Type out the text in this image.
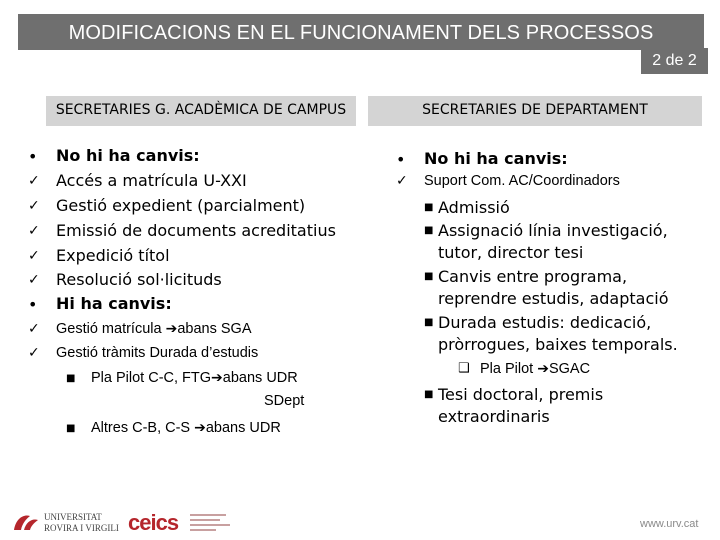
MODIFICACIONS EN EL FUNCIONAMENT DELS PROCESSOS
2 de 2
SECRETARIES G. ACADÈMICA DE CAMPUS	SECRETARIES DE DEPARTAMENT
• No hi ha canvis:
✓ Accés a matrícula U-XXI
✓ Gestió expedient (parcialment)
✓ Emissió de documents acreditatius
✓ Expedició títol
✓ Resolució sol·licituds
• Hi ha canvis:
✓ Gestió matrícula ➔abans SGA
✓ Gestió tràmits Durada d’estudis
■ Pla Pilot C-C, FTG➔abans UDR
SDept
■ Altres C-B, C-S ➔abans UDR
• No hi ha canvis:
✓ Suport Com. AC/Coordinadors
■ Admissió
■ Assignació línia investigació,
tutor, director tesi
■ Canvis entre programa,
reprendre estudis, adaptació
■ Durada estudis: dedicació,
pròrrogues, baixes temporals.
❑ Pla Pilot ➔SGAC
■ Tesi doctoral, premis
extraordinaris
UNIVERSITAT
ROVIRA I VIRGILI ceics	www.urv.cat
